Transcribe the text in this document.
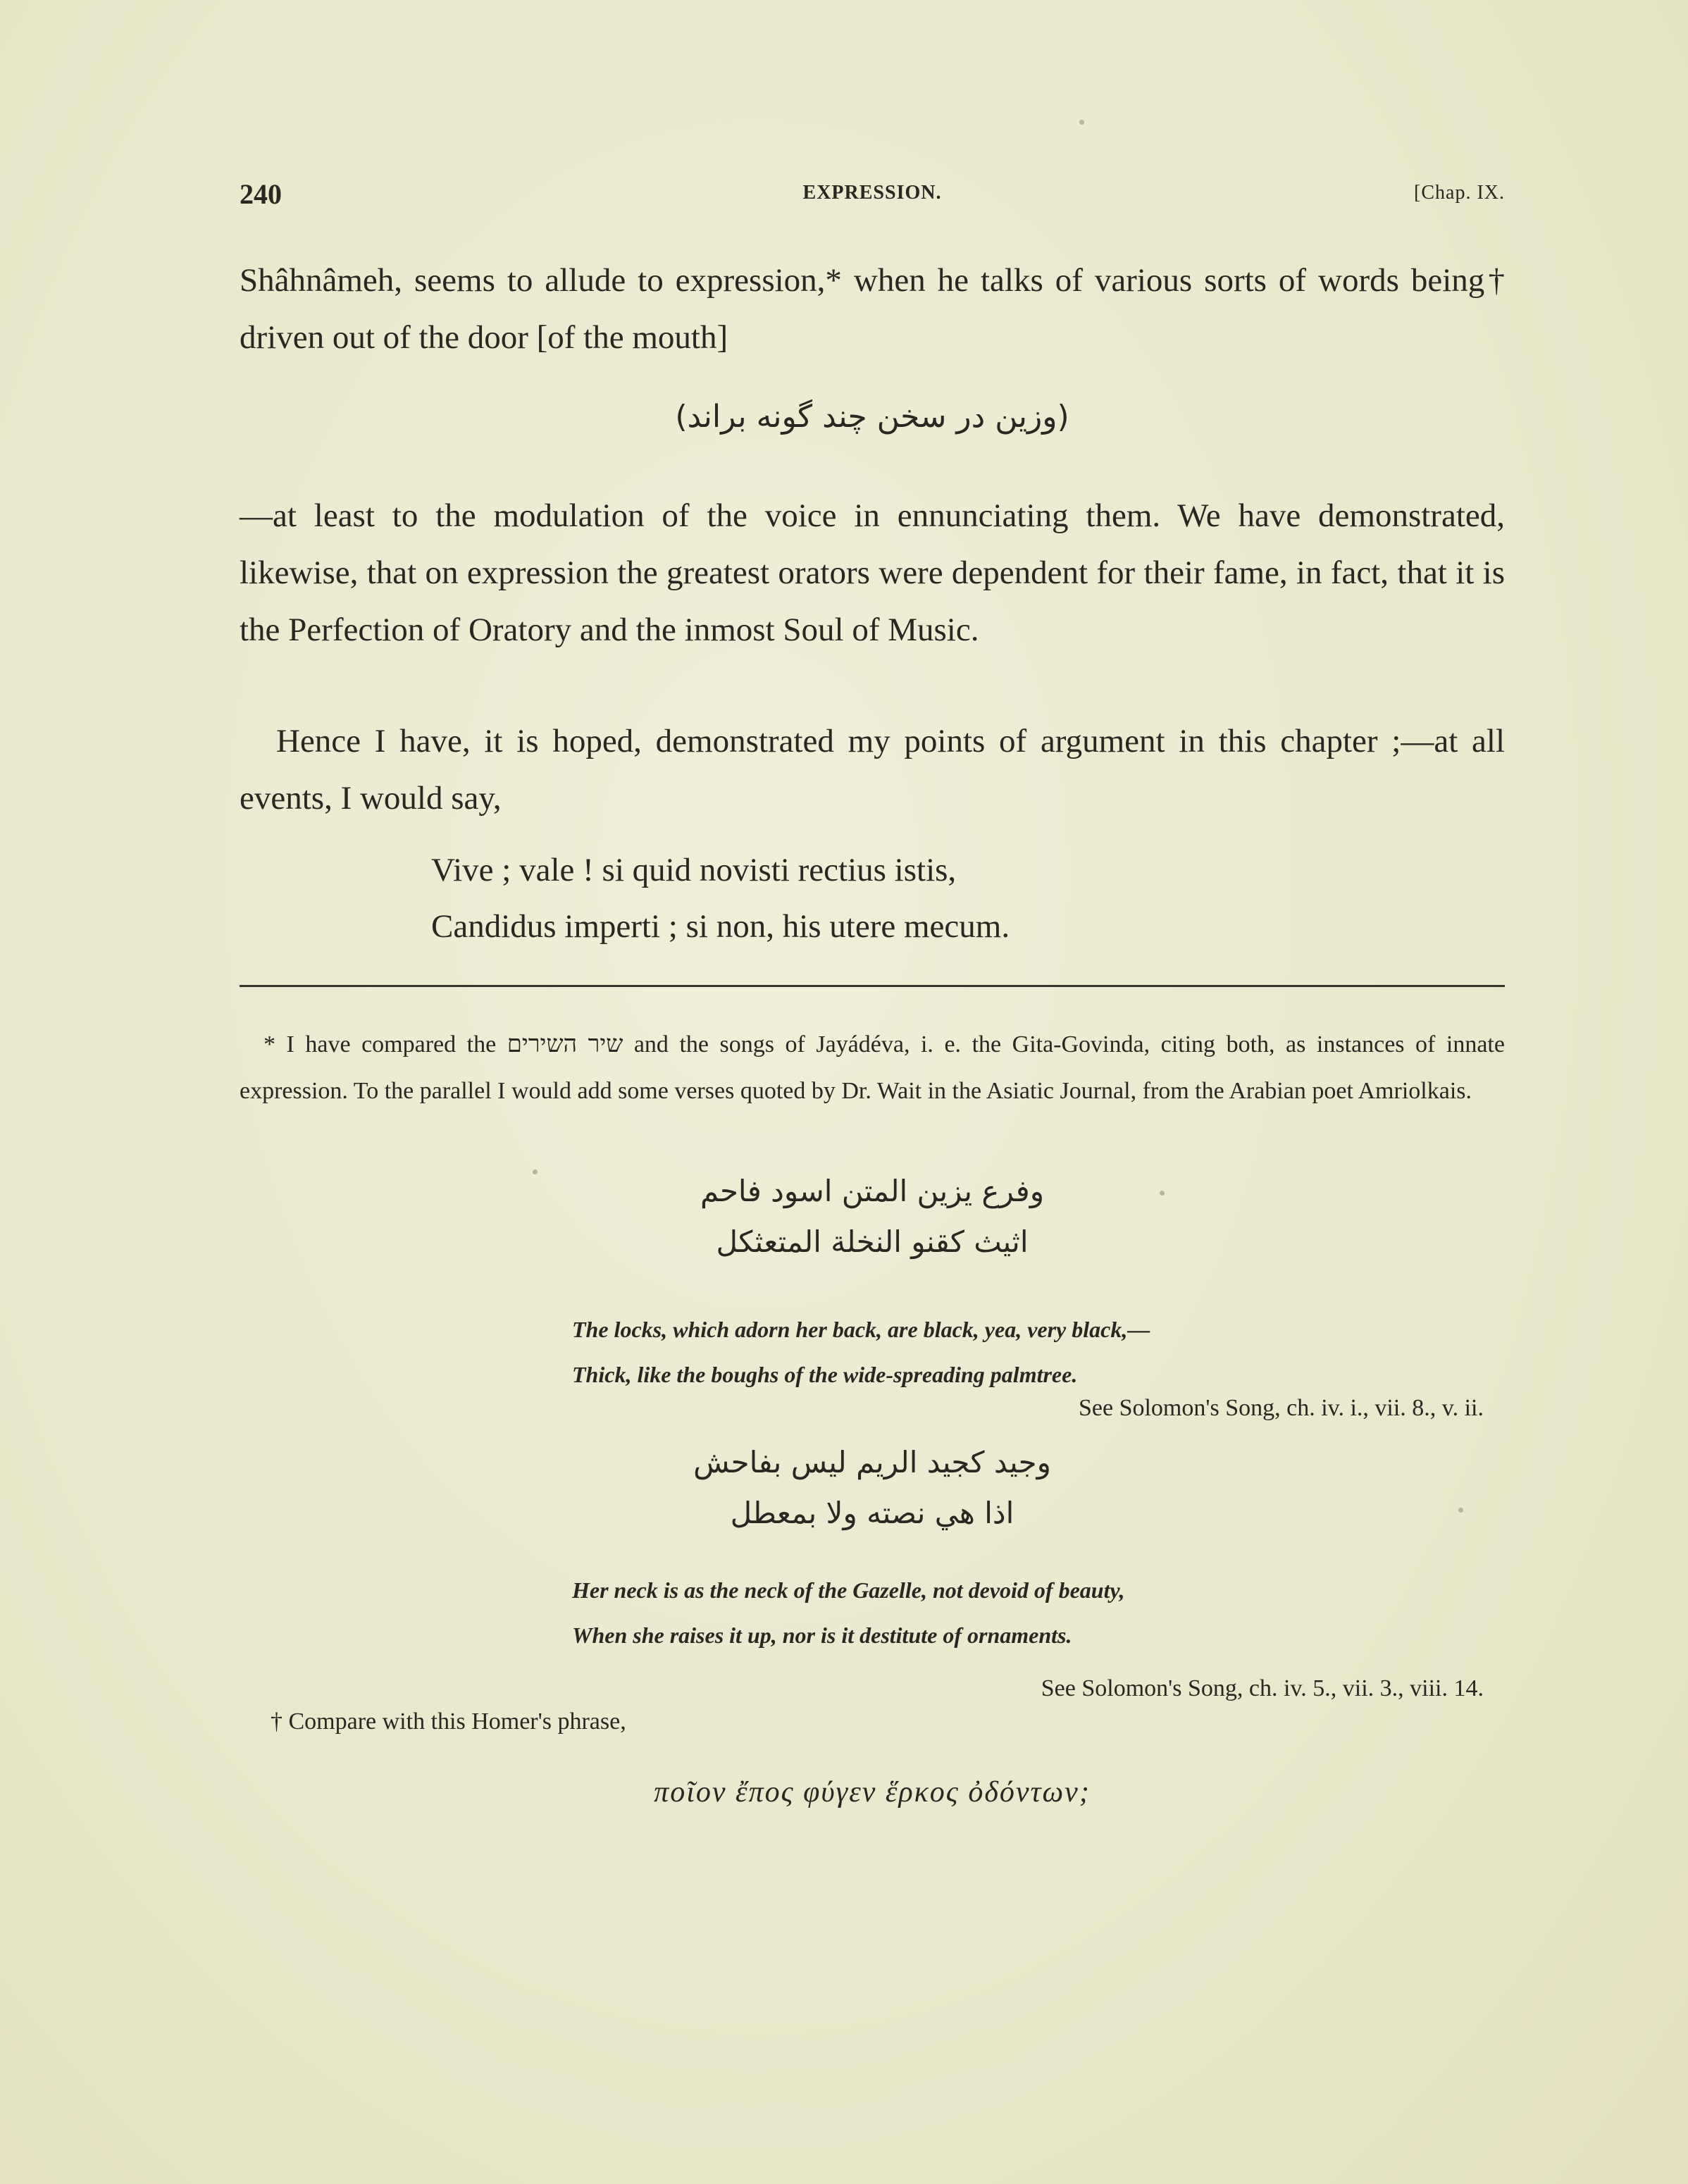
240	EXPRESSION.	[Chap. IX.

Shâhnâmeh, seems to allude to expression,* when he talks of various sorts of words being† driven out of the door [of the mouth]

(وزين در سخن چند گونه براند)

—at least to the modulation of the voice in ennunciating them. We have demonstrated, likewise, that on expression the greatest orators were dependent for their fame, in fact, that it is the Perfection of Oratory and the inmost Soul of Music.

Hence I have, it is hoped, demonstrated my points of argument in this chapter ;—at all events, I would say,

Vive ; vale ! si quid novisti rectius istis,
Candidus imperti ; si non, his utere mecum.

* I have compared the שיר השירים and the songs of Jayádéva, i. e. the Gita-Govinda, citing both, as instances of innate expression. To the parallel I would add some verses quoted by Dr. Wait in the Asiatic Journal, from the Arabian poet Amriolkais.

وفرع يزين المتن اسود فاحم
اثيث كقنو النخلة المتعثكل
The locks, which adorn her back, are black, yea, very black,—
Thick, like the boughs of the wide-spreading palmtree.
See Solomon's Song, ch. iv. i., vii. 8., v. ii.
وجيد كجيد الريم ليس بفاحش
اذا هي نصته ولا بمعطل
Her neck is as the neck of the Gazelle, not devoid of beauty,
When she raises it up, nor is it destitute of ornaments.
See Solomon's Song, ch. iv. 5., vii. 3., viii. 14.
† Compare with this Homer's phrase,
ποῖον ἔπος φύγεν ἕρκος ὀδόντων;
